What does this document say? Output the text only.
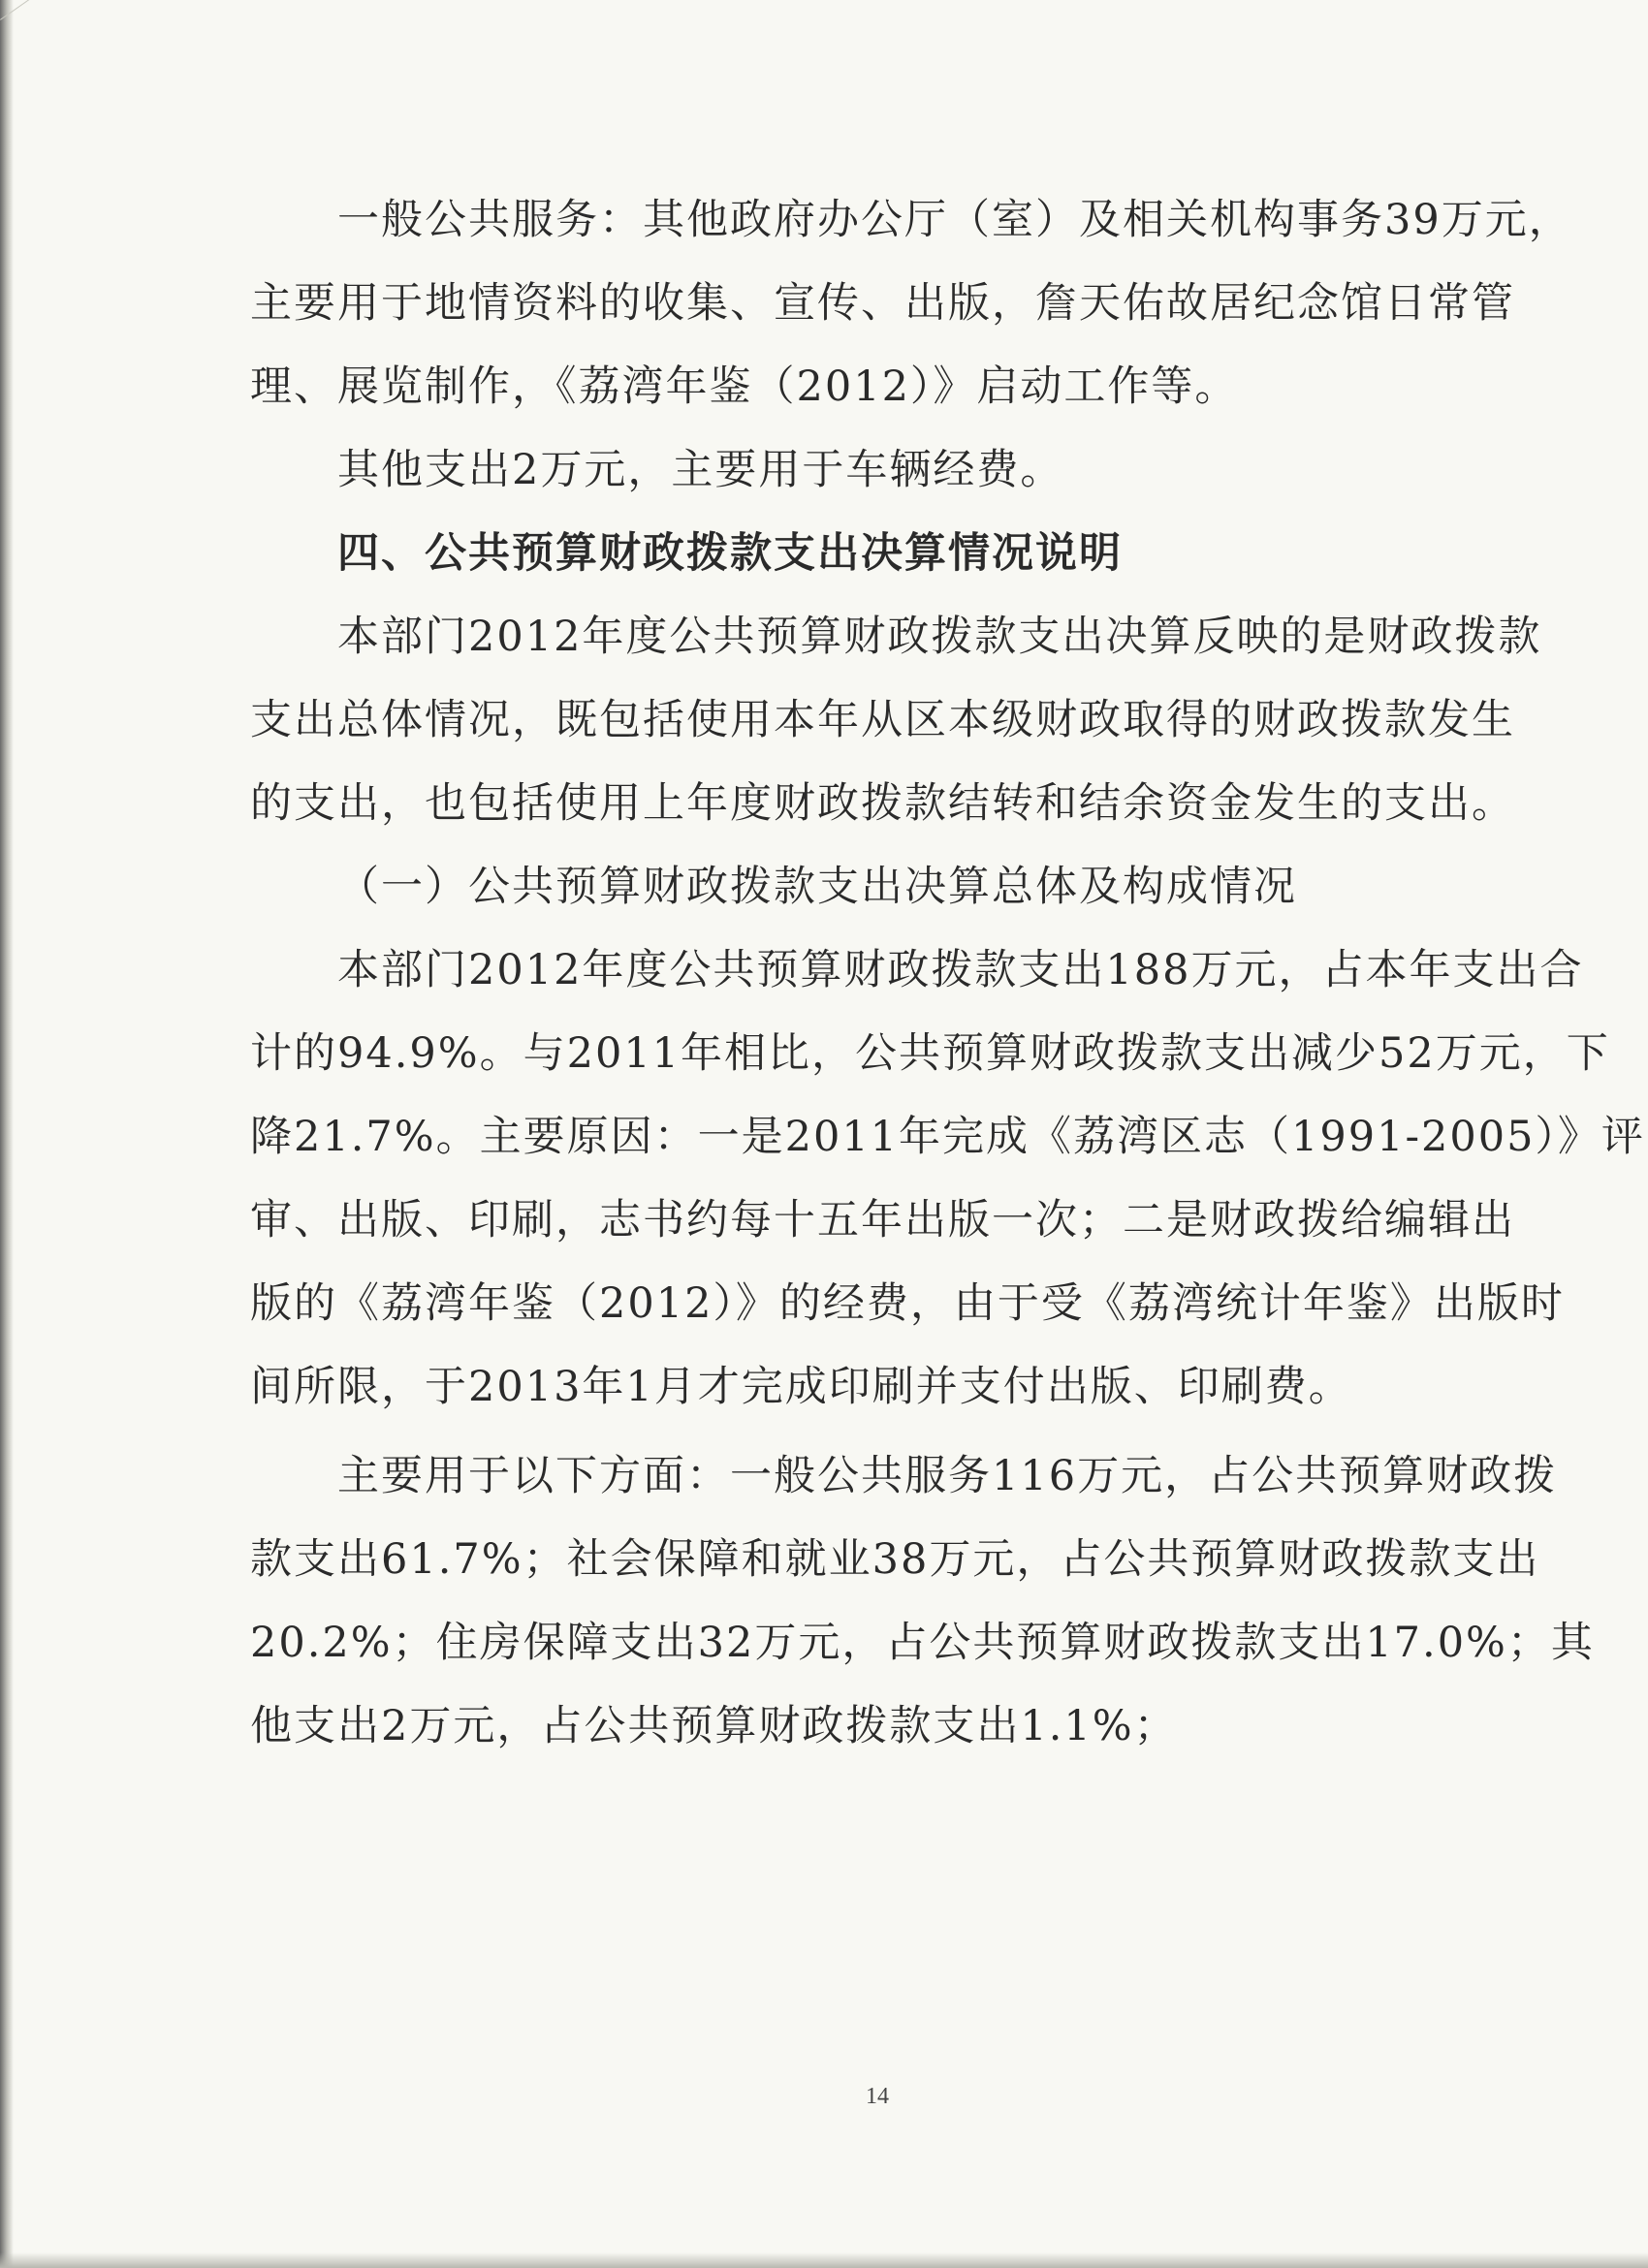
一般公共服务：其他政府办公厅（室）及相关机构事务39万元，
主要用于地情资料的收集、宣传、出版，詹天佑故居纪念馆日常管
理、展览制作，《荔湾年鉴（2012）》启动工作等。
其他支出2万元，主要用于车辆经费。
四、公共预算财政拨款支出决算情况说明
本部门2012年度公共预算财政拨款支出决算反映的是财政拨款
支出总体情况，既包括使用本年从区本级财政取得的财政拨款发生
的支出，也包括使用上年度财政拨款结转和结余资金发生的支出。
（一）公共预算财政拨款支出决算总体及构成情况
本部门2012年度公共预算财政拨款支出188万元，占本年支出合
计的94.9%。与2011年相比，公共预算财政拨款支出减少52万元，下
降21.7%。主要原因：一是2011年完成《荔湾区志（1991-2005）》评
审、出版、印刷，志书约每十五年出版一次；二是财政拨给编辑出
版的《荔湾年鉴（2012）》的经费，由于受《荔湾统计年鉴》出版时
间所限，于2013年1月才完成印刷并支付出版、印刷费。
主要用于以下方面：一般公共服务116万元，占公共预算财政拨
款支出61.7%；社会保障和就业38万元，占公共预算财政拨款支出
20.2%；住房保障支出32万元，占公共预算财政拨款支出17.0%；其
他支出2万元，占公共预算财政拨款支出1.1%；
14
